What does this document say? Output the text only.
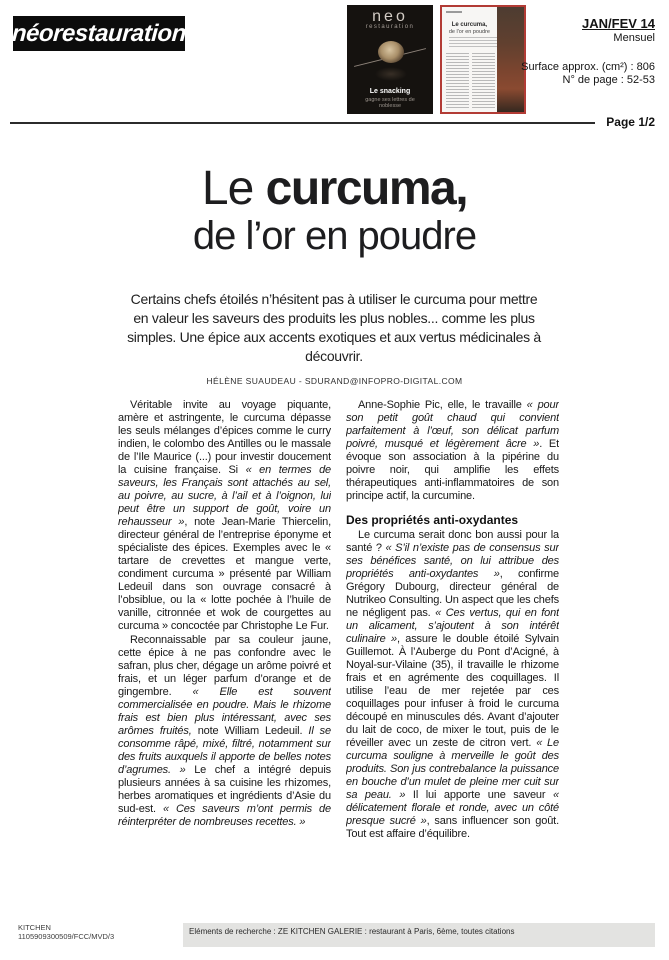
néorestauration
neo
restauration
Le snacking
gagne ses lettres de noblesse
Le curcuma,
de l'or en poudre
JAN/FEV 14
Mensuel
Surface approx. (cm²) : 806
N° de page : 52-53
Page 1/2
Le curcuma,
de l’or en poudre
Certains chefs étoilés n’hésitent pas à utiliser le curcuma pour mettre en valeur les saveurs des produits les plus nobles... comme les plus simples. Une épice aux accents exotiques et aux vertus médicinales à découvrir.
HÉLÈNE SUAUDEAU - SDURAND@INFOPRO-DIGITAL.COM

Véritable invite au voyage piquante, amère et astringente, le curcuma dépasse les seuls mélanges d’épices comme le curry indien, le colombo des Antilles ou le massale de l’Ile Maurice (...) pour investir doucement la cuisine française. Si « en termes de saveurs, les Français sont attachés au sel, au poivre, au sucre, à l’ail et à l’oignon, lui peut être un support de goût, voire un rehausseur », note Jean-Marie Thiercelin, directeur général de l’entreprise éponyme et spécialiste des épices. Exemples avec le « tartare de crevettes et mangue verte, condiment curcuma » présenté par William Ledeuil dans son ouvrage consacré à l’obsiblue, ou la « lotte pochée à l’huile de vanille, citronnée et wok de courgettes au curcuma » concoctée par Christophe Le Fur.

Reconnaissable par sa couleur jaune, cette épice à ne pas confondre avec le safran, plus cher, dégage un arôme poivré et frais, et un léger parfum d’orange et de gingembre. « Elle est souvent commercialisée en poudre. Mais le rhizome frais est bien plus intéressant, avec ses arômes fruités, note William Ledeuil. Il se consomme râpé, mixé, filtré, notamment sur des fruits auxquels il apporte de belles notes d’agrumes. » Le chef a intégré depuis plusieurs années à sa cuisine les rhizomes, herbes aromatiques et ingrédients d’Asie du sud-est. « Ces saveurs m’ont permis de réinterpréter de nombreuses recettes. »

Anne-Sophie Pic, elle, le travaille « pour son petit goût chaud qui convient parfaitement à l’œuf, son délicat parfum poivré, musqué et légèrement âcre ». Et évoque son association à la pipérine du poivre noir, qui amplifie les effets thérapeutiques anti-inflammatoires de son principe actif, la curcumine.

Des propriétés anti-oxydantes

Le curcuma serait donc bon aussi pour la santé ? « S’il n’existe pas de consensus sur ses bénéfices santé, on lui attribue des propriétés anti-oxydantes », confirme Grégory Dubourg, directeur général de Nutrikeo Consulting. Un aspect que les chefs ne négligent pas. « Ces vertus, qui en font un alicament, s’ajoutent à son intérêt culinaire », assure le double étoilé Sylvain Guillemot. À l’Auberge du Pont d’Acigné, à Noyal-sur-Vilaine (35), il travaille le rhizome frais et en agrémente des coquillages. Il utilise l’eau de mer rejetée par ces coquillages pour infuser à froid le curcuma découpé en minuscules dés. Avant d’ajouter du lait de coco, de mixer le tout, puis de le réveiller avec un zeste de citron vert. « Le curcuma souligne à merveille le goût des produits. Son jus contrebalance la puissance en bouche d’un mulet de pleine mer cuit sur sa peau. » Il lui apporte une saveur « délicatement florale et ronde, avec un côté presque sucré », sans influencer son goût. Tout est affaire d’équilibre.

KITCHEN
1105909300509/FCC/MVD/3
Eléments de recherche : ZE KITCHEN GALERIE : restaurant à Paris, 6ème, toutes citations
